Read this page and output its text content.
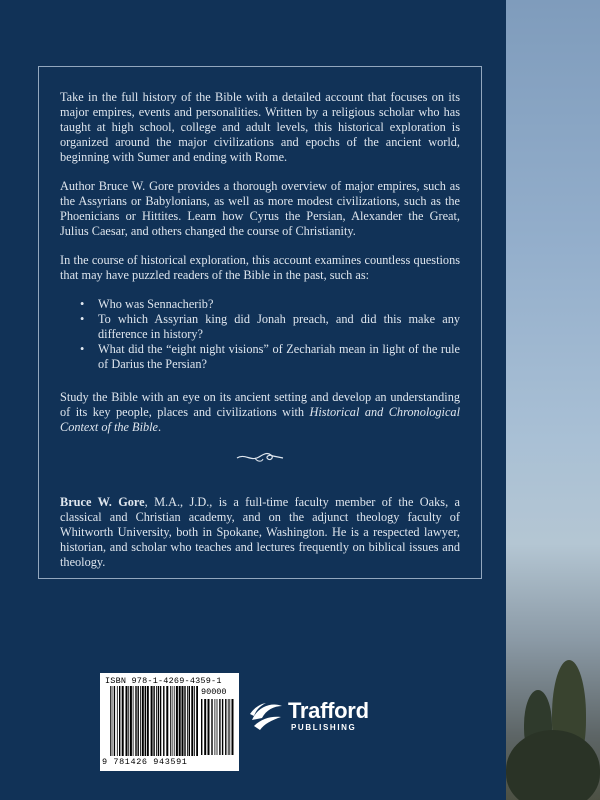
Take in the full history of the Bible with a detailed account that focuses on its major empires, events and personalities. Written by a religious scholar who has taught at high school, college and adult levels, this historical exploration is organized around the major civilizations and epochs of the ancient world, beginning with Sumer and ending with Rome.

Author Bruce W. Gore provides a thorough overview of major empires, such as the Assyrians or Babylonians, as well as more modest civilizations, such as the Phoenicians or Hittites. Learn how Cyrus the Persian, Alexander the Great, Julius Caesar, and others changed the course of Christianity.

In the course of historical exploration, this account examines countless questions that may have puzzled readers of the Bible in the past, such as:

• Who was Sennacherib?
• To which Assyrian king did Jonah preach, and did this make any difference in history?
• What did the “eight night visions” of Zechariah mean in light of the rule of Darius the Persian?

Study the Bible with an eye on its ancient setting and develop an understanding of its key people, places and civilizations with Historical and Chronological Context of the Bible.

Bruce W. Gore, M.A., J.D., is a full-time faculty member of the Oaks, a classical and Christian academy, and on the adjunct theology faculty of Whitworth University, both in Spokane, Washington. He is a respected lawyer, historian, and scholar who teaches and lectures frequently on biblical issues and theology.

ISBN 978-1-4269-4359-1
90000
9 781426 943591
Trafford
PUBLISHING
